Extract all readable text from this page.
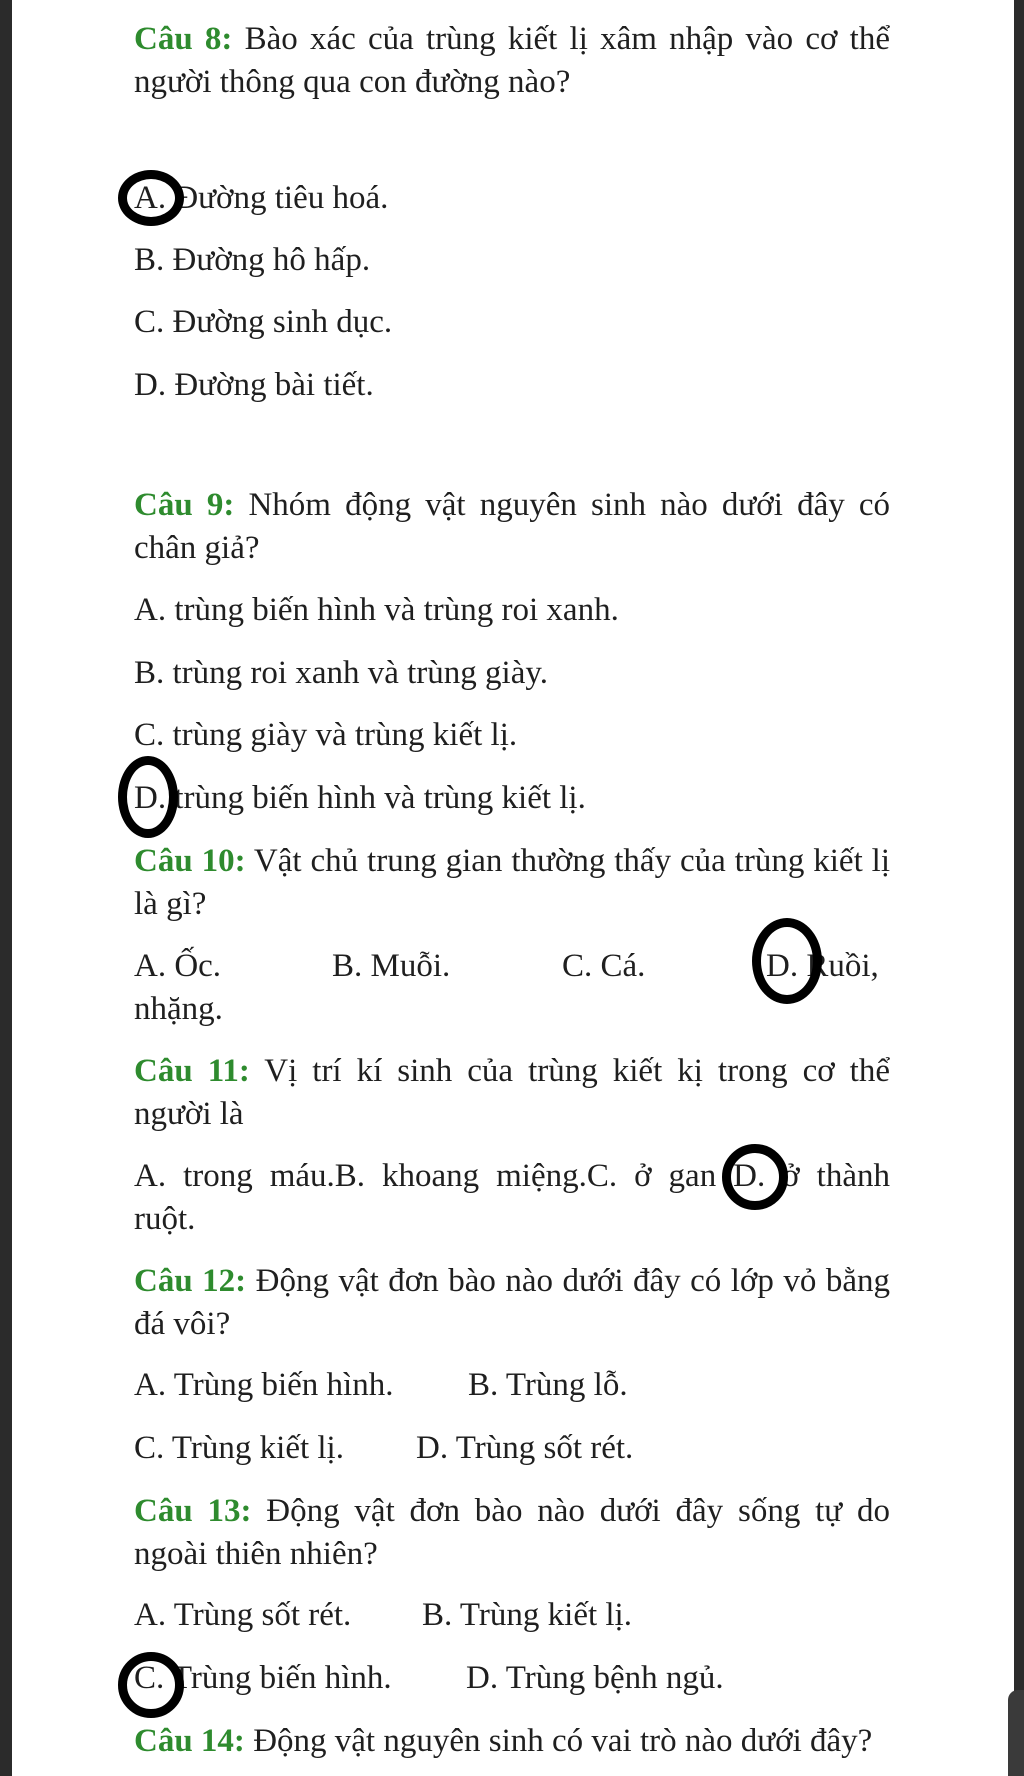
Câu 8: Bào xác của trùng kiết lị xâm nhập vào cơ thể người thông qua con đường nào?
A. Đường tiêu hoá.
B. Đường hô hấp.
C. Đường sinh dục.
D. Đường bài tiết.
Câu 9: Nhóm động vật nguyên sinh nào dưới đây có chân giả?
A. trùng biến hình và trùng roi xanh.
B. trùng roi xanh và trùng giày.
C. trùng giày và trùng kiết lị.
D. trùng biến hình và trùng kiết lị.
Câu 10: Vật chủ trung gian thường thấy của trùng kiết lị là gì?
A. Ốc.	B. Muỗi.	C. Cá.	D. Ruồi,
nhặng.
Câu 11: Vị trí kí sinh của trùng kiết kị trong cơ thể người là
A. trong máu.B. khoang miệng.C. ở gan D. ở thành
ruột.
Câu 12: Động vật đơn bào nào dưới đây có lớp vỏ bằng đá vôi?
A. Trùng biến hình. B. Trùng lỗ.
C. Trùng kiết lị. D. Trùng sốt rét.
Câu 13: Động vật đơn bào nào dưới đây sống tự do ngoài thiên nhiên?
A. Trùng sốt rét. B. Trùng kiết lị.
C. Trùng biến hình. D. Trùng bệnh ngủ.
Câu 14: Động vật nguyên sinh có vai trò nào dưới đây?
